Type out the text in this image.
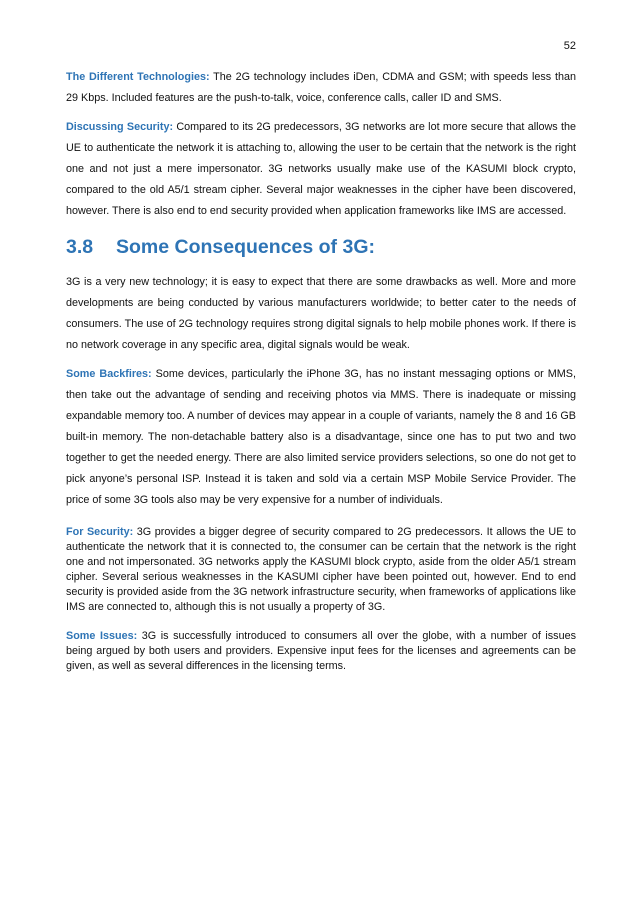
52

The Different Technologies: The 2G technology includes iDen, CDMA and GSM; with speeds less than 29 Kbps. Included features are the push-to-talk, voice, conference calls, caller ID and SMS.

Discussing Security: Compared to its 2G predecessors, 3G networks are lot more secure that allows the UE to authenticate the network it is attaching to, allowing the user to be certain that the network is the right one and not just a mere impersonator. 3G networks usually make use of the KASUMI block crypto, compared to the old A5/1 stream cipher. Several major weaknesses in the cipher have been discovered, however. There is also end to end security provided when application frameworks like IMS are accessed.

3.8 Some Consequences of 3G:

3G is a very new technology; it is easy to expect that there are some drawbacks as well. More and more developments are being conducted by various manufacturers worldwide; to better cater to the needs of consumers. The use of 2G technology requires strong digital signals to help mobile phones work. If there is no network coverage in any specific area, digital signals would be weak.

Some Backfires: Some devices, particularly the iPhone 3G, has no instant messaging options or MMS, then take out the advantage of sending and receiving photos via MMS. There is inadequate or missing expandable memory too. A number of devices may appear in a couple of variants, namely the 8 and 16 GB built-in memory. The non-detachable battery also is a disadvantage, since one has to put two and two together to get the needed energy. There are also limited service providers selections, so one do not get to pick anyone’s personal ISP. Instead it is taken and sold via a certain MSP Mobile Service Provider. The price of some 3G tools also may be very expensive for a number of individuals.

For Security: 3G provides a bigger degree of security compared to 2G predecessors. It allows the UE to authenticate the network that it is connected to, the consumer can be certain that the network is the right one and not impersonated. 3G networks apply the KASUMI block crypto, aside from the older A5/1 stream cipher. Several serious weaknesses in the KASUMI cipher have been pointed out, however. End to end security is provided aside from the 3G network infrastructure security, when frameworks of applications like IMS are connected to, although this is not usually a property of 3G.

Some Issues: 3G is successfully introduced to consumers all over the globe, with a number of issues being argued by both users and providers. Expensive input fees for the licenses and agreements can be given, as well as several differences in the licensing terms.
